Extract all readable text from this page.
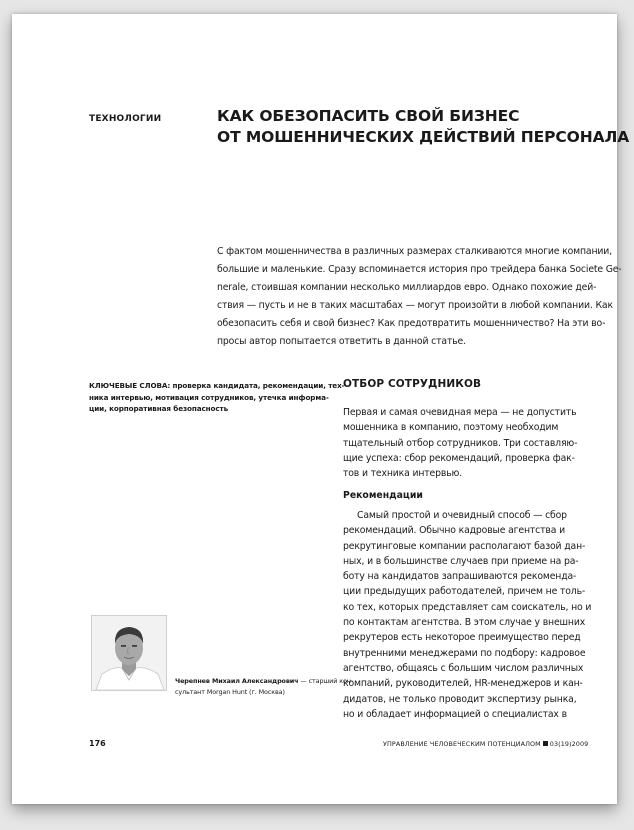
ТЕХНОЛОГИИ	КАК ОБЕЗОПАСИТЬ СВОЙ БИЗНЕС
ОТ МОШЕННИЧЕСКИХ ДЕЙСТВИЙ ПЕРСОНАЛА
С фактом мошенничества в различных размерах сталкиваются многие компании,
большие и маленькие. Сразу вспоминается история про трейдера банка Societe Ge-
nerale, стоившая компании несколько миллиардов евро. Однако похожие дей-
ствия — пусть и не в таких масштабах — могут произойти в любой компании. Как
обезопасить себя и свой бизнес? Как предотвратить мошенничество? На эти во-
просы автор попытается ответить в данной статье.
КЛЮЧЕВЫЕ СЛОВА: проверка кандидата, рекомендации, тех-
ника интервью, мотивация сотрудников, утечка информа-
ции, корпоративная безопасность
Черепнев Михаил Александрович — старший кон-
сультант Morgan Hunt (г. Москва)
ОТБОР СОТРУДНИКОВ
Первая и самая очевидная мера — не допустить
мошенника в компанию, поэтому необходим
тщательный отбор сотрудников. Три составляю-
щие успеха: сбор рекомендаций, проверка фак-
тов и техника интервью.
Рекомендации
Самый простой и очевидный способ — сбор
рекомендаций. Обычно кадровые агентства и
рекрутинговые компании располагают базой дан-
ных, и в большинстве случаев при приеме на ра-
боту на кандидатов запрашиваются рекоменда-
ции предыдущих работодателей, причем не толь-
ко тех, которых представляет сам соискатель, но и
по контактам агентства. В этом случае у внешних
рекрутеров есть некоторое преимущество перед
внутренними менеджерами по подбору: кадровое
агентство, общаясь с большим числом различных
компаний, руководителей, HR-менеджеров и кан-
дидатов, не только проводит экспертизу рынка,
но и обладает информацией о специалистах в
176	УПРАВЛЕНИЕ ЧЕЛОВЕЧЕСКИМ ПОТЕНЦИАЛОМ 03(19)2009
